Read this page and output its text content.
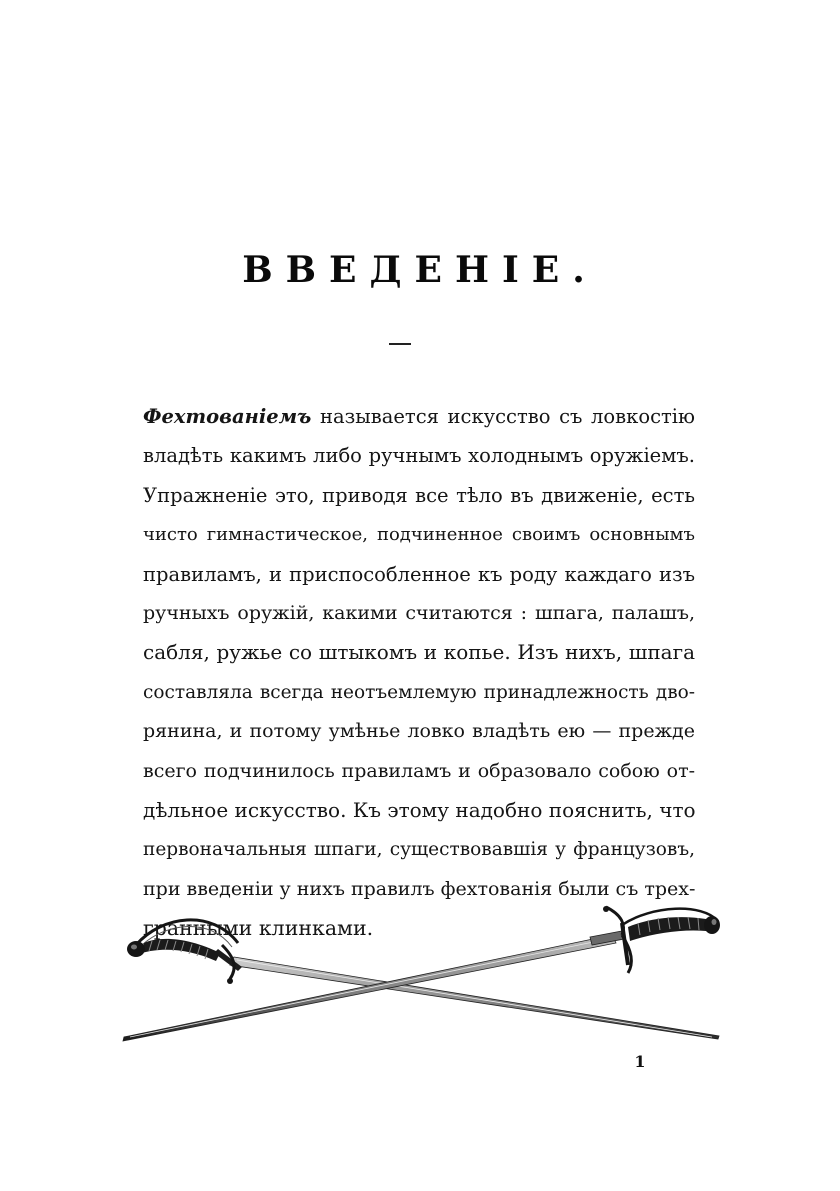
ВВЕДЕНІЕ.
Фехтованіемъ называется искусство съ ловкостію
владѣть какимъ либо ручнымъ холоднымъ оружіемъ.
Упражненіе это, приводя все тѣло въ движеніе, есть
чисто гимнастическое, подчиненное своимъ основнымъ
правиламъ, и приспособленное къ роду каждаго изъ
ручныхъ оружій, какими считаются : шпага, палашъ,
сабля, ружье со штыкомъ и копье. Изъ нихъ, шпага
составляла всегда неотъемлемую принадлежность дво-
рянина, и потому умѣнье ловко владѣть ею — прежде
всего подчинилось правиламъ и образовало собою от-
дѣльное искусство. Къ этому надобно пояснить, что
первоначальныя шпаги, существовавшія у французовъ,
при введеніи у нихъ правилъ фехтованія были съ трех-
гранными клинками.
1
